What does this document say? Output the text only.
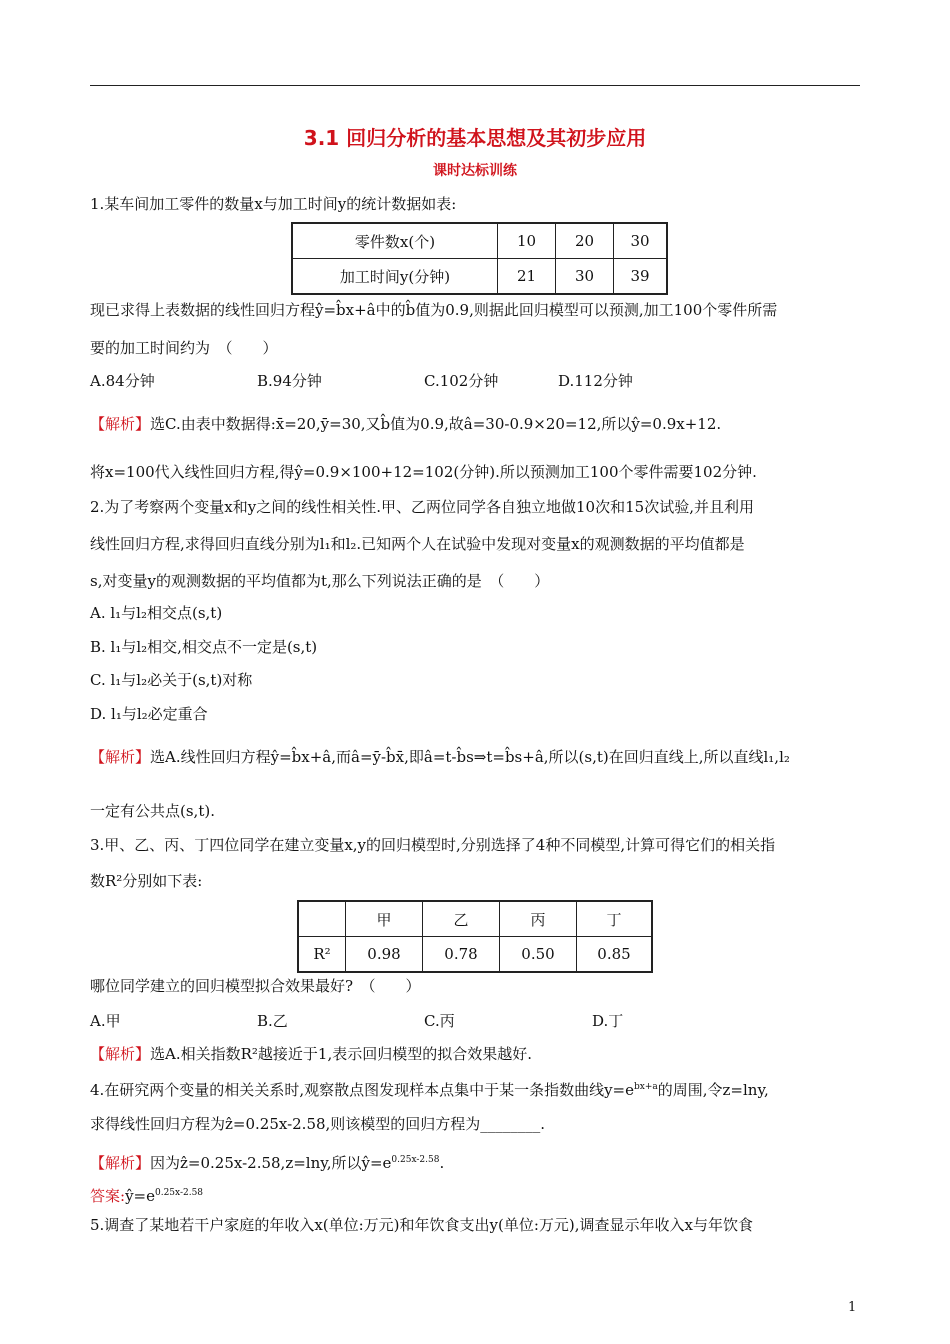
3.1 回归分析的基本思想及其初步应用
课时达标训练
1.某车间加工零件的数量x与加工时间y的统计数据如表:
零件数x(个)	10	20	30
加工时间y(分钟)	21	30	39
现已求得上表数据的线性回归方程ŷ=b̂x+â中的b̂值为0.9,则据此回归模型可以预测,加工100个零件所需
要的加工时间约为　（　　）
A.84分钟	B.94分钟	C.102分钟	D.112分钟
【解析】选C.由表中数据得:x̄=20,ȳ=30,又b̂值为0.9,故â=30-0.9×20=12,所以ŷ=0.9x+12.
将x=100代入线性回归方程,得ŷ=0.9×100+12=102(分钟).所以预测加工100个零件需要102分钟.
2.为了考察两个变量x和y之间的线性相关性.甲、乙两位同学各自独立地做10次和15次试验,并且利用
线性回归方程,求得回归直线分别为l₁和l₂.已知两个人在试验中发现对变量x的观测数据的平均值都是
s,对变量y的观测数据的平均值都为t,那么下列说法正确的是　（　　）
A. l₁与l₂相交点(s,t)
B. l₁与l₂相交,相交点不一定是(s,t)
C. l₁与l₂必关于(s,t)对称
D. l₁与l₂必定重合
【解析】选A.线性回归方程ŷ=b̂x+â,而â=ȳ-b̂x̄,即â=t-b̂s⇒t=b̂s+â,所以(s,t)在回归直线上,所以直线l₁,l₂
一定有公共点(s,t).
3.甲、乙、丙、丁四位同学在建立变量x,y的回归模型时,分别选择了4种不同模型,计算可得它们的相关指
数R²分别如下表:
	甲	乙	丙	丁
R²	0.98	0.78	0.50	0.85
哪位同学建立的回归模型拟合效果最好?　（　　）
A.甲	B.乙	C.丙	D.丁
【解析】选A.相关指数R²越接近于1,表示回归模型的拟合效果越好.
4.在研究两个变量的相关关系时,观察散点图发现样本点集中于某一条指数曲线$y=e^{bx+a}$的周围,令z=lny,
求得线性回归方程为ẑ=0.25x-2.58,则该模型的回归方程为________.
【解析】因为ẑ=0.25x-2.58,z=lny,所以$ŷ=e^{0.25x-2.58}$.
答案$:ŷ=e^{0.25x-2.58}$
5.调查了某地若干户家庭的年收入x(单位:万元)和年饮食支出y(单位:万元),调查显示年收入x与年饮食
1
